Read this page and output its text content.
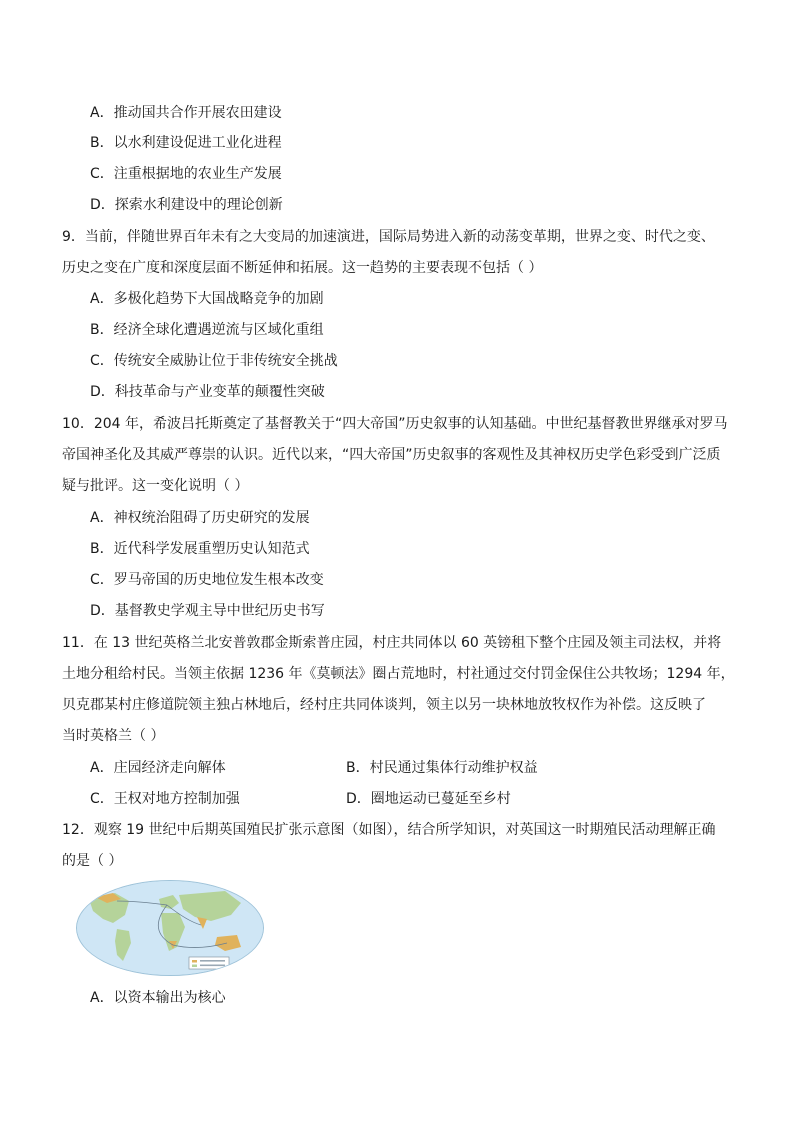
A．推动国共合作开展农田建设
B．以水利建设促进工业化进程
C．注重根据地的农业生产发展
D．探索水利建设中的理论创新
9．当前，伴随世界百年未有之大变局的加速演进，国际局势进入新的动荡变革期，世界之变、时代之变、
历史之变在广度和深度层面不断延伸和拓展。这一趋势的主要表现不包括（ ）
A．多极化趋势下大国战略竞争的加剧
B．经济全球化遭遇逆流与区域化重组
C．传统安全威胁让位于非传统安全挑战
D．科技革命与产业变革的颠覆性突破
10．204 年，希波吕托斯奠定了基督教关于“四大帝国”历史叙事的认知基础。中世纪基督教世界继承对罗马
帝国神圣化及其威严尊崇的认识。近代以来，“四大帝国”历史叙事的客观性及其神权历史学色彩受到广泛质
疑与批评。这一变化说明（ ）
A．神权统治阻碍了历史研究的发展
B．近代科学发展重塑历史认知范式
C．罗马帝国的历史地位发生根本改变
D．基督教史学观主导中世纪历史书写
11．在 13 世纪英格兰北安普敦郡金斯索普庄园，村庄共同体以 60 英镑租下整个庄园及领主司法权，并将
土地分租给村民。当领主依据 1236 年《莫顿法》圈占荒地时，村社通过交付罚金保住公共牧场；1294 年，
贝克郡某村庄修道院领主独占林地后，经村庄共同体谈判，领主以另一块林地放牧权作为补偿。这反映了
当时英格兰（ ）
A．庄园经济走向解体	B．村民通过集体行动维护权益
C．王权对地方控制加强	D．圈地运动已蔓延至乡村
12．观察 19 世纪中后期英国殖民扩张示意图（如图），结合所学知识，对英国这一时期殖民活动理解正确
的是（ ）
A．以资本输出为核心
